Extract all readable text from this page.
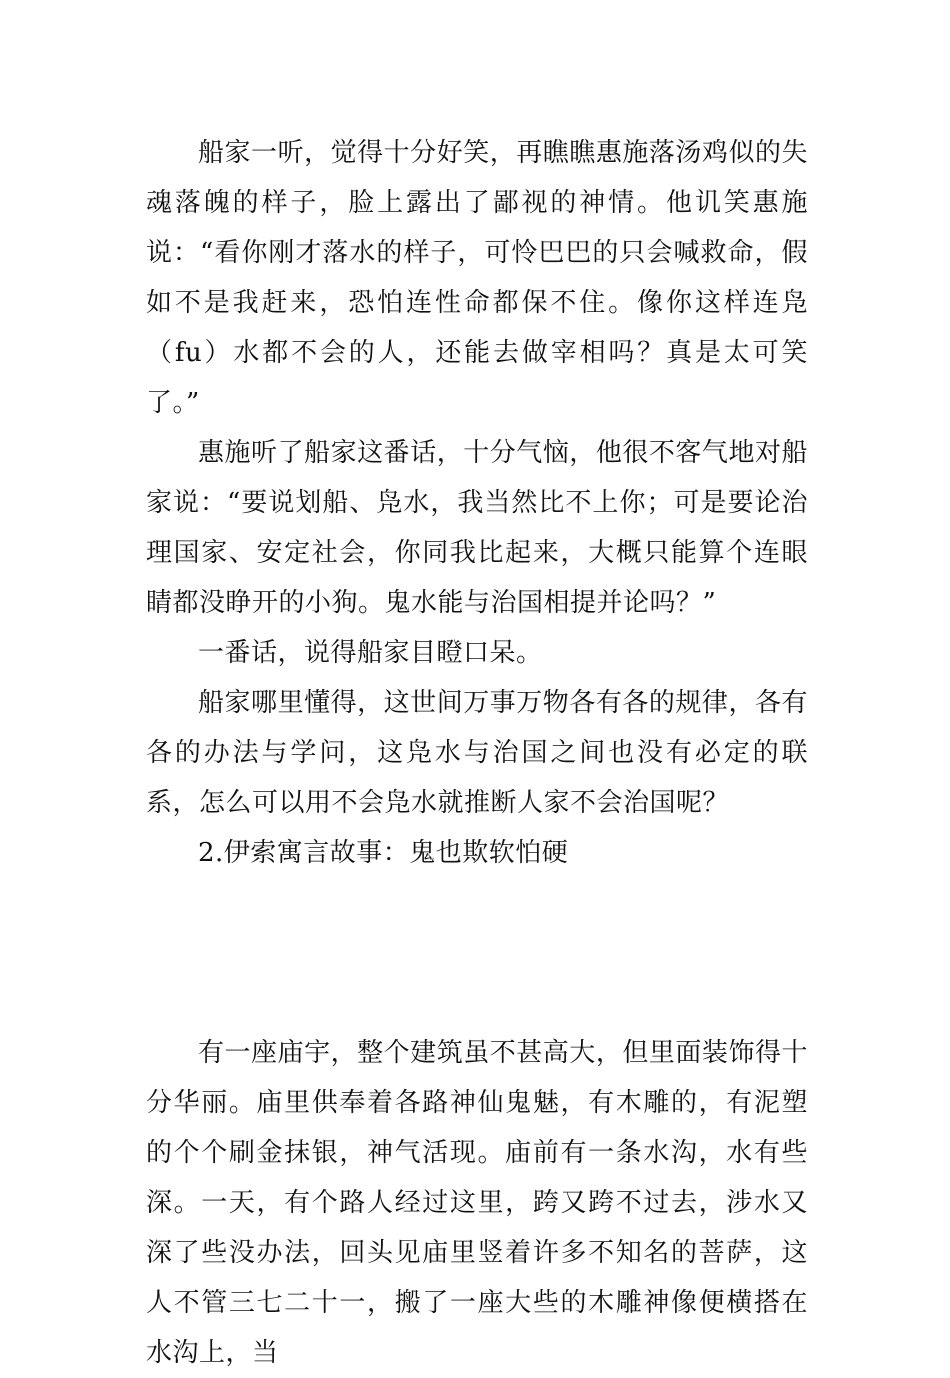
船家一听，觉得十分好笑，再瞧瞧惠施落汤鸡似的失魂落魄的样子，脸上露出了鄙视的神情。他讥笑惠施说：“看你刚才落水的样子，可怜巴巴的只会喊救命，假如不是我赶来，恐怕连性命都保不住。像你这样连凫（fu）水都不会的人，还能去做宰相吗？真是太可笑了。”

惠施听了船家这番话，十分气恼，他很不客气地对船家说：“要说划船、凫水，我当然比不上你；可是要论治理国家、安定社会，你同我比起来，大概只能算个连眼睛都没睁开的小狗。鬼水能与治国相提并论吗？”

一番话，说得船家目瞪口呆。

船家哪里懂得，这世间万事万物各有各的规律，各有各的办法与学问，这凫水与治国之间也没有必定的联系，怎么可以用不会凫水就推断人家不会治国呢？

2.伊索寓言故事：鬼也欺软怕硬

有一座庙宇，整个建筑虽不甚高大，但里面装饰得十分华丽。庙里供奉着各路神仙鬼魅，有木雕的，有泥塑的个个刷金抹银，神气活现。庙前有一条水沟，水有些深。一天，有个路人经过这里，跨又跨不过去，涉水又深了些没办法，回头见庙里竖着许多不知名的菩萨，这人不管三七二十一，搬了一座大些的木雕神像便横搭在水沟上，当
